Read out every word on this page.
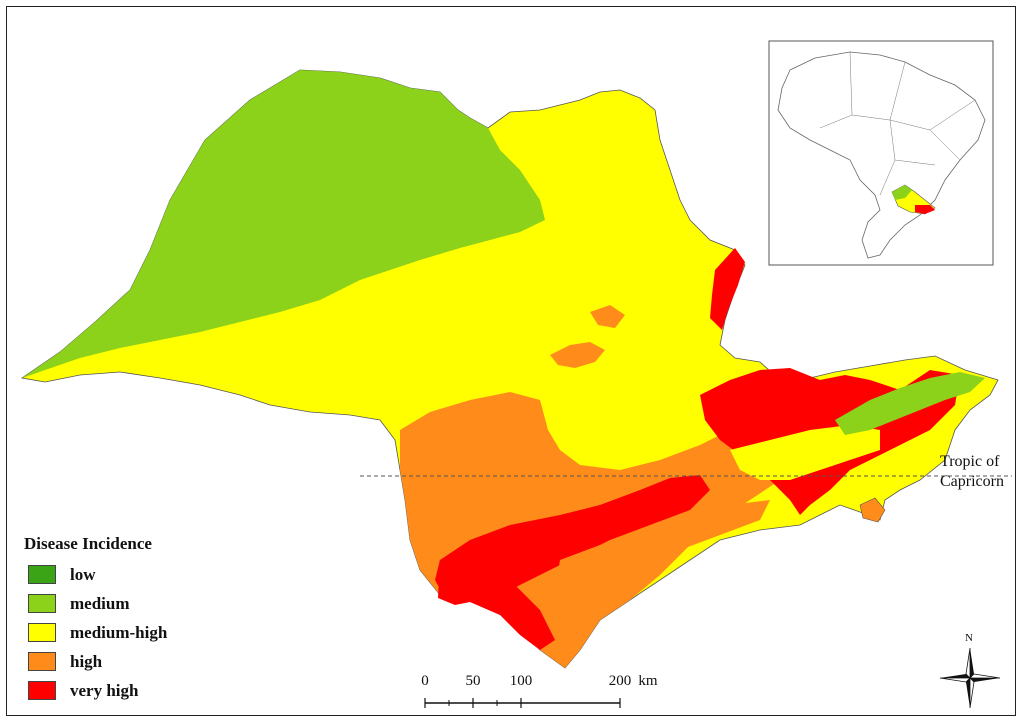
Disease Incidence
low
medium
medium-high
high
very high	0 50 100	200 km
Tropic of
Capricorn
N
